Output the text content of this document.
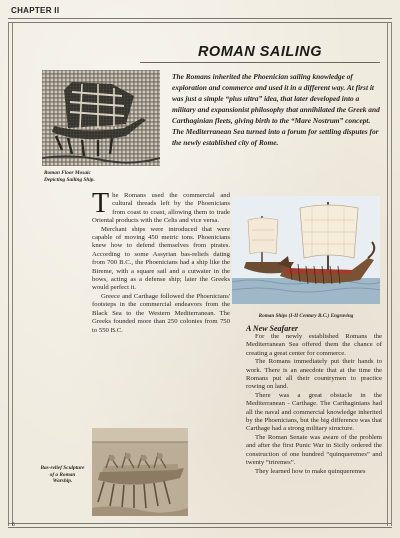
CHAPTER II
ROMAN SAILING
The Romans inherited the Phoenician sailing knowledge of exploration and commerce and used it in a different way. At first it was just a simple “plus ultra” idea, that later developed into a military and expansionist philosophy that annihilated the Greek and Carthaginian fleets, giving birth to the “Mare Nostrum” concept. The Mediterranean Sea turned into a forum for settling disputes for the newly established city of Rome.
Roman Floor Mosaic Depicting Sailing Ship.

The Romans used the commercial and cultural threads left by the Phoenicians from coast to coast, allowing them to trade Oriental products with the Celts and vice versa.

Merchant ships were introduced that were capable of moving 450 metric tons. Phoenicians knew how to defend themselves from pirates. According to some Assyrian bas-reliefs dating from 700 B.C., the Phoenicians had a ship like the Bireme, with a square sail and a cutwater in the bows, acting as a defense ship; later the Greeks would perfect it.

Greece and Carthage followed the Phoenicians' footsteps in the commercial endeavors from the Black Sea to the Western Mediterranean. The Greeks founded more than 250 colonies from 750 to 550 B.C.

Roman Ships (I-II Century B.C.) Engraving
A New Seafarer

For the newly established Romans the Mediterranean Sea offered them the chance of creating a great center for commerce.

The Romans immediately put their hands to work. There is an anecdote that at the time the Romans put all their countrymen to practice rowing on land.

There was a great obstacle in the Mediterranean - Carthage. The Carthaginians had all the naval and commercial knowledge inherited by the Phoenicians, but the big difference was that Carthage had a strong military structure.

The Roman Senate was aware of the problem and after the first Punic War in Sicily ordered the construction of one hundred “quinqueremes” and twenty “triremes”.

They learned how to make quinqueremes

Bas-relief Sculpture of a Roman Warship.
6
